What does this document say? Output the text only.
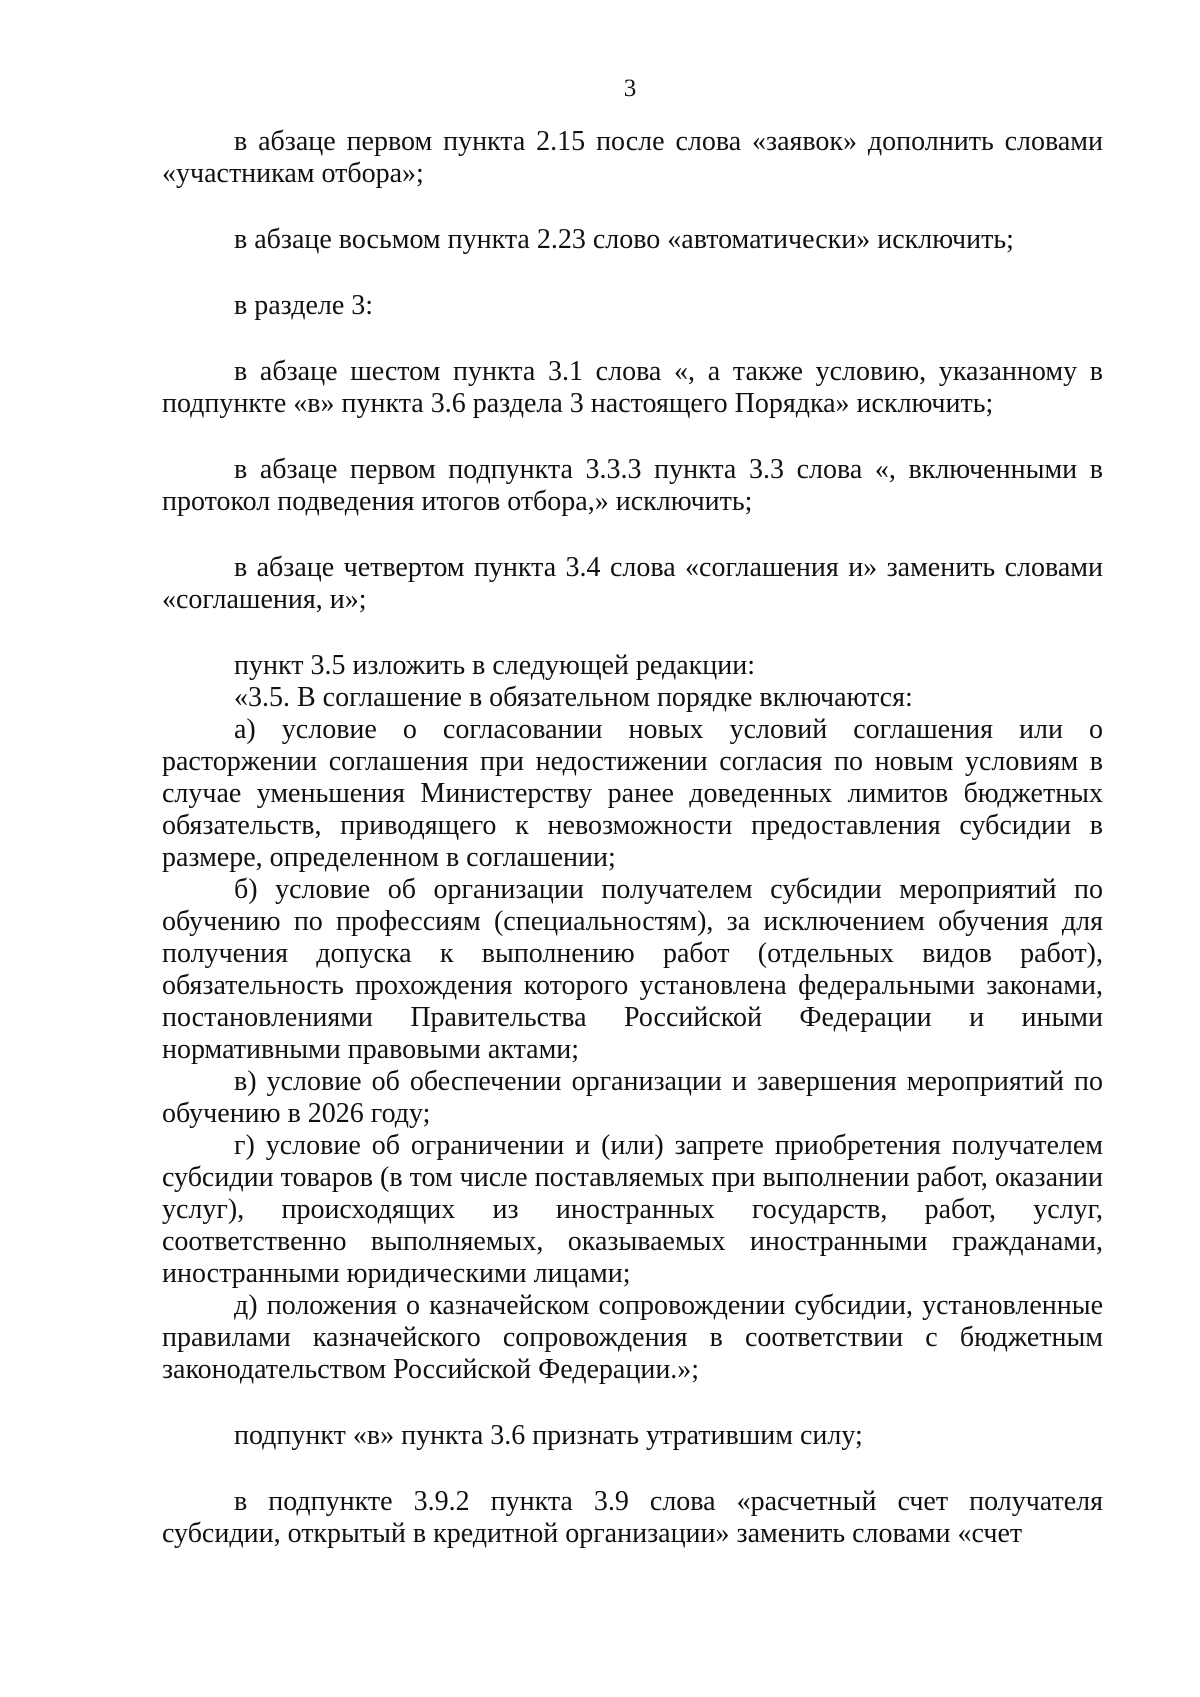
3

в абзаце первом пункта 2.15 после слова «заявок» дополнить словами «участникам отбора»;

в абзаце восьмом пункта 2.23 слово «автоматически» исключить;

в разделе 3:

в абзаце шестом пункта 3.1 слова «, а также условию, указанному в подпункте «в» пункта 3.6 раздела 3 настоящего Порядка» исключить;

в абзаце первом подпункта 3.3.3 пункта 3.3 слова «, включенными в протокол подведения итогов отбора,» исключить;

в абзаце четвертом пункта 3.4 слова «соглашения и» заменить словами «соглашения, и»;

пункт 3.5 изложить в следующей редакции:

«3.5. В соглашение в обязательном порядке включаются:

а) условие о согласовании новых условий соглашения или о расторжении соглашения при недостижении согласия по новым условиям в случае уменьшения Министерству ранее доведенных лимитов бюджетных обязательств, приводящего к невозможности предоставления субсидии в размере, определенном в соглашении;

б) условие об организации получателем субсидии мероприятий по обучению по профессиям (специальностям), за исключением обучения для получения допуска к выполнению работ (отдельных видов работ), обязательность прохождения которого установлена федеральными законами, постановлениями Правительства Российской Федерации и иными нормативными правовыми актами;

в) условие об обеспечении организации и завершения мероприятий по обучению в 2026 году;

г) условие об ограничении и (или) запрете приобретения получателем субсидии товаров (в том числе поставляемых при выполнении работ, оказании услуг), происходящих из иностранных государств, работ, услуг, соответственно выполняемых, оказываемых иностранными гражданами, иностранными юридическими лицами;

д) положения о казначейском сопровождении субсидии, установленные правилами казначейского сопровождения в соответствии с бюджетным законодательством Российской Федерации.»;

подпункт «в» пункта 3.6 признать утратившим силу;

в подпункте 3.9.2 пункта 3.9 слова «расчетный счет получателя субсидии, открытый в кредитной организации» заменить словами «счет
